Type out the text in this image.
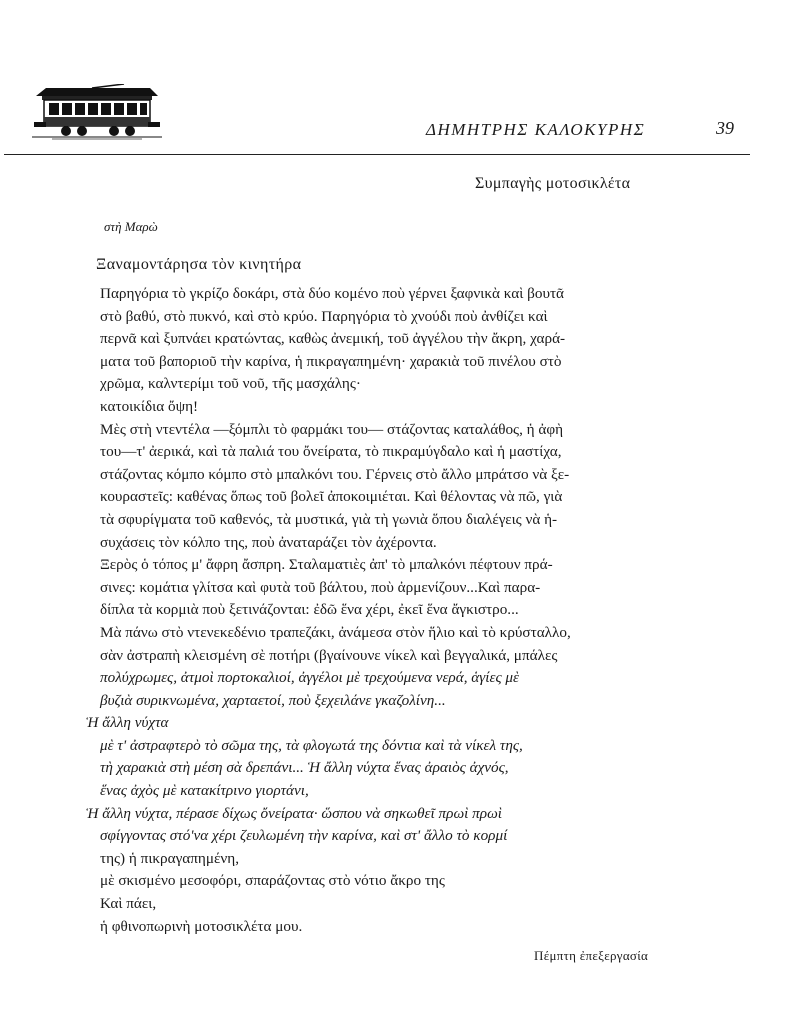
ΔΗΜΗΤΡΗΣ ΚΑΛΟΚΥΡΗΣ	39
Συμπαγὴς μοτοσικλέτα
στὴ Μαρὼ
Ξαναμοντάρησα τὸν κινητήρα
Παρηγόρια τὸ γκρίζο δοκάρι, στὰ δύο κομένο ποὺ γέρνει ξαφνικὰ καὶ βουτᾶ
στὸ βαθύ, στὸ πυκνό, καὶ στὸ κρύο. Παρηγόρια τὸ χνούδι ποὺ ἀνθίζει καὶ
περνᾶ καὶ ξυπνάει κρατώντας, καθὼς ἀνεμική, τοῦ ἀγγέλου τὴν ἄκρη, χαρά-
ματα τοῦ βαποριοῦ τὴν καρίνα, ἡ πικραγαπημένη· χαρακιὰ τοῦ πινέλου στὸ
χρῶμα, καλντερίμι τοῦ νοῦ, τῆς μασχάλης·
κατοικίδια ὄψη!
Μὲς στὴ ντεντέλα —ξόμπλι τὸ φαρμάκι του— στάζοντας καταλάθος, ἡ ἀφὴ
του—τ' ἀερικά, καὶ τὰ παλιά του ὄνείρατα, τὸ πικραμύγδαλο καὶ ἡ μαστίχα,
στάζοντας κόμπο κόμπο στὸ μπαλκόνι του. Γέρνεις στὸ ἄλλο μπράτσο νὰ ξε-
κουραστεῖς: καθένας ὅπως τοῦ βολεῖ ἀποκοιμιέται. Καὶ θέλοντας νὰ πῶ, γιὰ
τὰ σφυρίγματα τοῦ καθενός, τὰ μυστικά, γιὰ τὴ γωνιὰ ὅπου διαλέγεις νὰ ἡ-
συχάσεις τὸν κόλπο της, ποὺ ἀναταράζει τὸν ἀχέροντα.
Ξερὸς ὁ τόπος μ' ἄφρη ἄσπρη. Σταλαματιὲς ἀπ' τὸ μπαλκόνι πέφτουν πρά-
σινες: κομάτια γλίτσα καὶ φυτὰ τοῦ βάλτου, ποὺ ἀρμενίζουν...Καὶ παρα-
δίπλα τὰ κορμιὰ ποὺ ξετινάζονται: ἐδῶ ἕνα χέρι, ἐκεῖ ἕνα ἄγκιστρο...
Μὰ πάνω στὸ ντενεκεδένιο τραπεζάκι, ἀνάμεσα στὸν ἥλιο καὶ τὸ κρύσταλλο,
σὰν ἀστραπὴ κλεισμένη σὲ ποτήρι (βγαίνουνε νίκελ καὶ βεγγαλικά, μπάλες
πολύχρωμες, ἀτμοὶ πορτοκαλιοί, ἀγγέλοι μὲ τρεχούμενα νερά, ἁγίες μὲ
βυζιὰ συρικνωμένα, χαρταετοί, ποὺ ξεχειλάνε γκαζολίνη...
Ἡ ἄλλη νύχτα
μὲ τ' ἀστραφτερὸ τὸ σῶμα της, τὰ φλογωτά της δόντια καὶ τὰ νίκελ της,
τὴ χαρακιὰ στὴ μέση σὰ δρεπάνι... Ἡ ἄλλη νύχτα ἕνας ἀραιὸς ἀχνός,
ἕνας ἀχὸς μὲ κατακίτρινο γιορτάνι,
Ἡ ἄλλη νύχτα, πέρασε δίχως ὄνείρατα· ὥσπου νὰ σηκωθεῖ πρωὶ πρωὶ
σφίγγοντας στό'να χέρι ζευλωμένη τὴν καρίνα, καὶ στ' ἄλλο τὸ κορμί
της) ἡ πικραγαπημένη,
μὲ σκισμένο μεσοφόρι, σπαράζοντας στὸ νότιο ἄκρο της
Καὶ πάει,
ἡ φθινοπωρινὴ μοτοσικλέτα μου.
Πέμπτη ἐπεξεργασία
